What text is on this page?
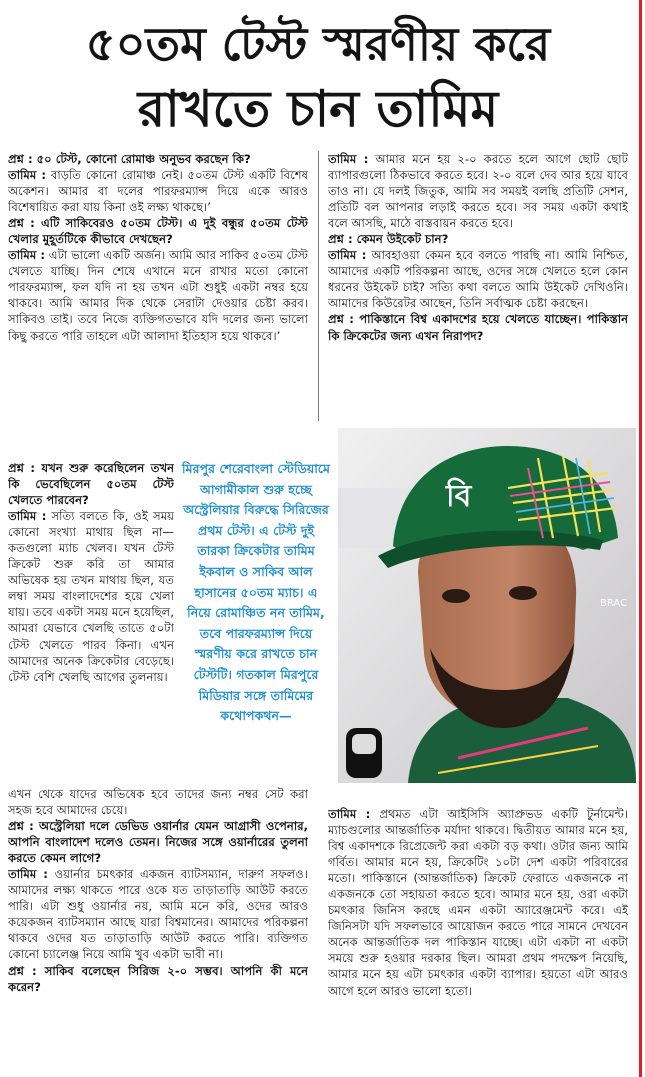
৫০তম টেস্ট স্মরণীয় করে
রাখতে চান তামিম

প্রশ্ন : ৫০ টেস্ট, কোনো রোমাঞ্চ অনুভব করছেন কি?

তামিম : বাড়তি কোনো রোমাঞ্চ নেই। ৫০তম টেস্ট একটি বিশেষ অকেশন। আমার বা দলের পারফরম্যান্স দিয়ে একে আরও বিশেষায়িত করা যায় কিনা ওই লক্ষ্য থাকছে।’

প্রশ্ন : এটি সাকিবেরও ৫০তম টেস্ট। এ দুই বন্ধুর ৫০তম টেস্ট খেলার মুহূর্তটিকে কীভাবে দেখছেন?

তামিম : এটা ভালো একটি অর্জন। আমি আর সাকিব ৫০তম টেস্ট খেলতে যাচ্ছি। দিন শেষে এখানে মনে রাখার মতো কোনো পারফরম্যান্স, ফল যদি না হয় তখন এটা শুধুই একটা নম্বর হয়ে থাকবে। আমি আমার দিক থেকে সেরাটা দেওয়ার চেষ্টা করব। সাকিবও তাই। তবে নিজে ব্যক্তিগতভাবে যদি দলের জন্য ভালো কিছু করতে পারি তাহলে এটা আলাদা ইতিহাস হয়ে থাকবে।’

প্রশ্ন : যখন শুরু করেছিলেন তখন কি ভেবেছিলেন ৫০তম টেস্ট খেলতে পারবেন?

তামিম : সত্যি বলতে কি, ওই সময় কোনো সংখ্যা মাথায় ছিল না— কতগুলো ম্যাচ খেলব। যখন টেস্ট ক্রিকেট শুরু করি তা আমার অভিষেক হয় তখন মাথায় ছিল, যত লম্বা সময় বাংলাদেশের হয়ে খেলা যায়। তবে একটা সময় মনে হয়েছিল, আমরা যেভাবে খেলছি তাতে ৫০টা টেস্ট খেলতে পারব কিনা। এখন আমাদের অনেক ক্রিকেটার বেড়েছে। টেস্ট বেশি খেলছি আগের তুলনায়।

মিরপুর শেরেবাংলা স্টেডিয়ামে আগামীকাল শুরু হচ্ছে অস্ট্রেলিয়ার বিরুদ্ধে সিরিজের প্রথম টেস্ট। এ টেস্ট দুই তারকা ক্রিকেটার তামিম ইকবাল ও সাকিব আল হাসানের ৫০তম ম্যাচ। এ নিয়ে রোমাঞ্চিত নন তামিম, তবে পারফরম্যান্স দিয়ে স্মরণীয় করে রাখতে চান টেস্টটি। গতকাল মিরপুরে মিডিয়ার সঙ্গে তামিমের কথোপকথন—

এখন থেকে যাদের অভিষেক হবে তাদের জন্য নম্বর সেট করা সহজ হবে আমাদের চেয়ে।

প্রশ্ন : অস্ট্রেলিয়া দলে ডেভিড ওয়ার্নার যেমন আগ্রাসী ওপেনার, আপনি বাংলাদেশ দলেও তেমন। নিজের সঙ্গে ওয়ার্নারের তুলনা করতে কেমন লাগে?

তামিম : ওয়ার্নার চমৎকার একজন ব্যাটসম্যান, দারুণ সফলও। আমাদের লক্ষ্য থাকতে পারে ওকে যত তাড়াতাড়ি আউট করতে পারি। এটা শুধু ওয়ার্নার নয়, আমি মনে করি, ওদের আরও কয়েকজন ব্যাটসম্যান আছে যারা বিশ্বমানের। আমাদের পরিকল্পনা থাকবে ওদের যত তাড়াতাড়ি আউট করতে পারি। ব্যক্তিগত কোনো চ্যালেঞ্জ নিয়ে আমি খুব একটা ভাবী না।

প্রশ্ন : সাকিব বলেছেন সিরিজ ২-০ সম্ভব। আপনি কী মনে করেন?

তামিম : আমার মনে হয় ২-০ করতে হলে আগে ছোট ছোট ব্যাপারগুলো ঠিকভাবে করতে হবে। ২-০ বলে দেব আর হয়ে যাবে তাও না। যে দলই জিতুক, আমি সব সময়ই বলছি প্রতিটি সেশন, প্রতিটি বল আপনার লড়াই করতে হবে। সব সময় একটা কথাই বলে আসছি, মাঠে বাস্তবায়ন করতে হবে।

প্রশ্ন : কেমন উইকেট চান?

তামিম : আবহাওয়া কেমন হবে বলতে পারছি না। আমি নিশ্চিত, আমাদের একটি পরিকল্পনা আছে, ওদের সঙ্গে খেলতে হলে কোন ধরনের উইকেট চাই? সত্যি কথা বলতে আমি উইকেট দেখিওনি। আমাদের কিউরেটর আছেন, তিনি সর্বাত্মক চেষ্টা করছেন।

প্রশ্ন : পাকিস্তানে বিশ্ব একাদশের হয়ে খেলতে যাচ্ছেন। পাকিস্তান কি ক্রিকেটের জন্য এখন নিরাপদ?

বি
BRAC

তামিম : প্রথমত এটা আইসিসি অ্যাপ্রুভড একটি টুর্নামেন্ট। ম্যাচগুলোর আন্তর্জাতিক মর্যাদা থাকবে। দ্বিতীয়ত আমার মনে হয়, বিশ্ব একাদশকে রিপ্রেজেন্ট করা একটা বড় কথা। ওটার জন্য আমি গর্বিত। আমার মনে হয়, ক্রিকেটিং ১০টা দেশ একটা পরিবারের মতো। পাকিস্তানে (আন্তর্জাতিক) ক্রিকেট ফেরাতে একজনকে না একজনকে তো সহায়তা করতে হবে। আমার মনে হয়, ওরা একটা চমৎকার জিনিস করছে এমন একটা অ্যারেঞ্জমেন্ট করে। এই জিনিসটা যদি সফলভাবে আয়োজন করতে পারে সামনে দেখবেন অনেক আন্তর্জাতিক দল পাকিস্তান যাচ্ছে। এটা একটা না একটা সময়ে শুরু হওয়ার দরকার ছিল। আমরা প্রথম পদক্ষেপ নিয়েছি, আমার মনে হয় এটা চমৎকার একটা ব্যাপার। হয়তো এটা আরও আগে হলে আরও ভালো হতো।
